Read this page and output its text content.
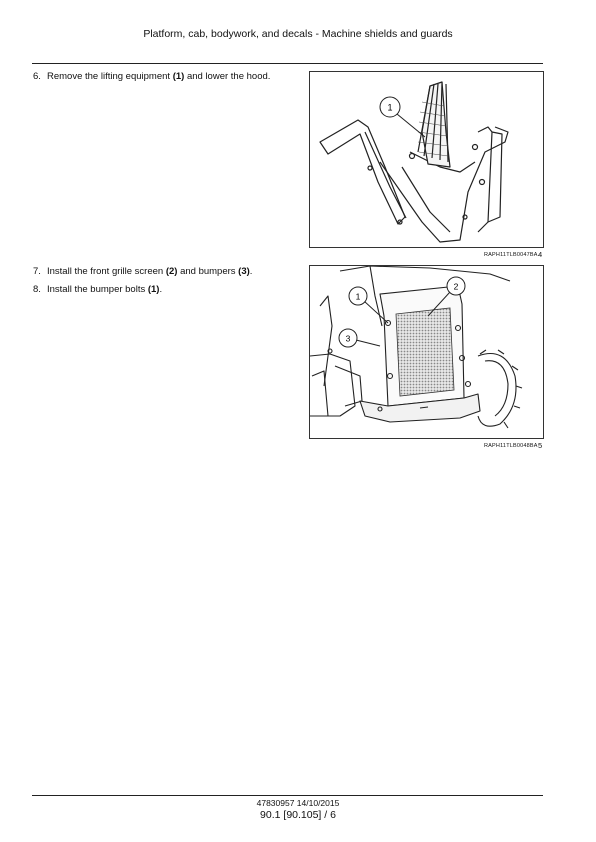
Platform, cab, bodywork, and decals - Machine shields and guards
6. Remove the lifting equipment (1) and lower the hood.
1
RAPH11TLB0047BA 4
7. Install the front grille screen (2) and bumpers (3).
8. Install the bumper bolts (1).
1
2
3
RAPH11TLB0048BA 5
47830957 14/10/2015
90.1 [90.105] / 6
